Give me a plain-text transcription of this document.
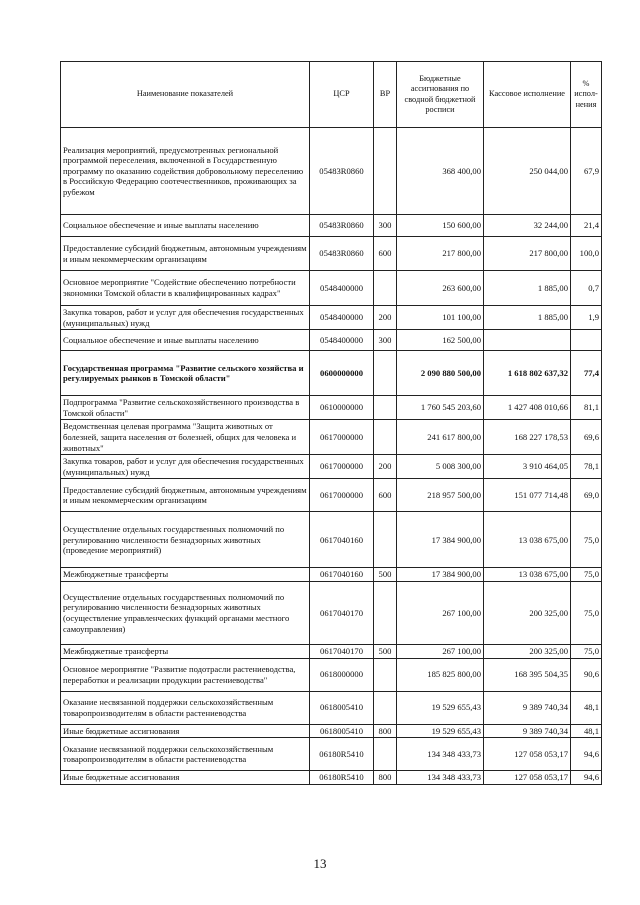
Наименование показателей	ЦСР	ВР	Бюджетные ассигнования по сводной бюджетной росписи	Кассовое исполнение	% испол-нения
Реализация мероприятий, предусмотренных региональной программой переселения, включенной в Государственную программу по оказанию содействия добровольному переселению в Российскую Федерацию соотечественников, проживающих за рубежом	05483R0860		368 400,00	250 044,00	67,9
Социальное обеспечение и иные выплаты населению	05483R0860	300	150 600,00	32 244,00	21,4
Предоставление субсидий бюджетным, автономным учреждениям и иным некоммерческим организациям	05483R0860	600	217 800,00	217 800,00	100,0
Основное мероприятие "Содействие обеспечению потребности экономики Томской области в квалифицированных кадрах"	0548400000		263 600,00	1 885,00	0,7
Закупка товаров, работ и услуг для обеспечения государственных (муниципальных) нужд	0548400000	200	101 100,00	1 885,00	1,9
Социальное обеспечение и иные выплаты населению	0548400000	300	162 500,00		
Государственная программа "Развитие сельского хозяйства и регулируемых рынков в Томской области"	0600000000		2 090 880 500,00	1 618 802 637,32	77,4
Подпрограмма "Развитие сельскохозяйственного производства в Томской области"	0610000000		1 760 545 203,60	1 427 408 010,66	81,1
Ведомственная целевая программа "Защита животных от болезней, защита населения от болезней, общих для человека и животных"	0617000000		241 617 800,00	168 227 178,53	69,6
Закупка товаров, работ и услуг для обеспечения государственных (муниципальных) нужд	0617000000	200	5 008 300,00	3 910 464,05	78,1
Предоставление субсидий бюджетным, автономным учреждениям и иным некоммерческим организациям	0617000000	600	218 957 500,00	151 077 714,48	69,0
Осуществление отдельных государственных полномочий по регулированию численности безнадзорных животных (проведение мероприятий)	0617040160		17 384 900,00	13 038 675,00	75,0
Межбюджетные трансферты	0617040160	500	17 384 900,00	13 038 675,00	75,0
Осуществление отдельных государственных полномочий по регулированию численности безнадзорных животных (осуществление управленческих функций органами местного самоуправления)	0617040170		267 100,00	200 325,00	75,0
Межбюджетные трансферты	0617040170	500	267 100,00	200 325,00	75,0
Основное мероприятие "Развитие подотрасли растениеводства, переработки и реализации продукции растениеводства"	0618000000		185 825 800,00	168 395 504,35	90,6
Оказание несвязанной поддержки сельскохозяйственным товаропроизводителям в области растениеводства	0618005410		19 529 655,43	9 389 740,34	48,1
Иные бюджетные ассигнования	0618005410	800	19 529 655,43	9 389 740,34	48,1
Оказание несвязанной поддержки сельскохозяйственным товаропроизводителям в области растениеводства	06180R5410		134 348 433,73	127 058 053,17	94,6
Иные бюджетные ассигнования	06180R5410	800	134 348 433,73	127 058 053,17	94,6
13
